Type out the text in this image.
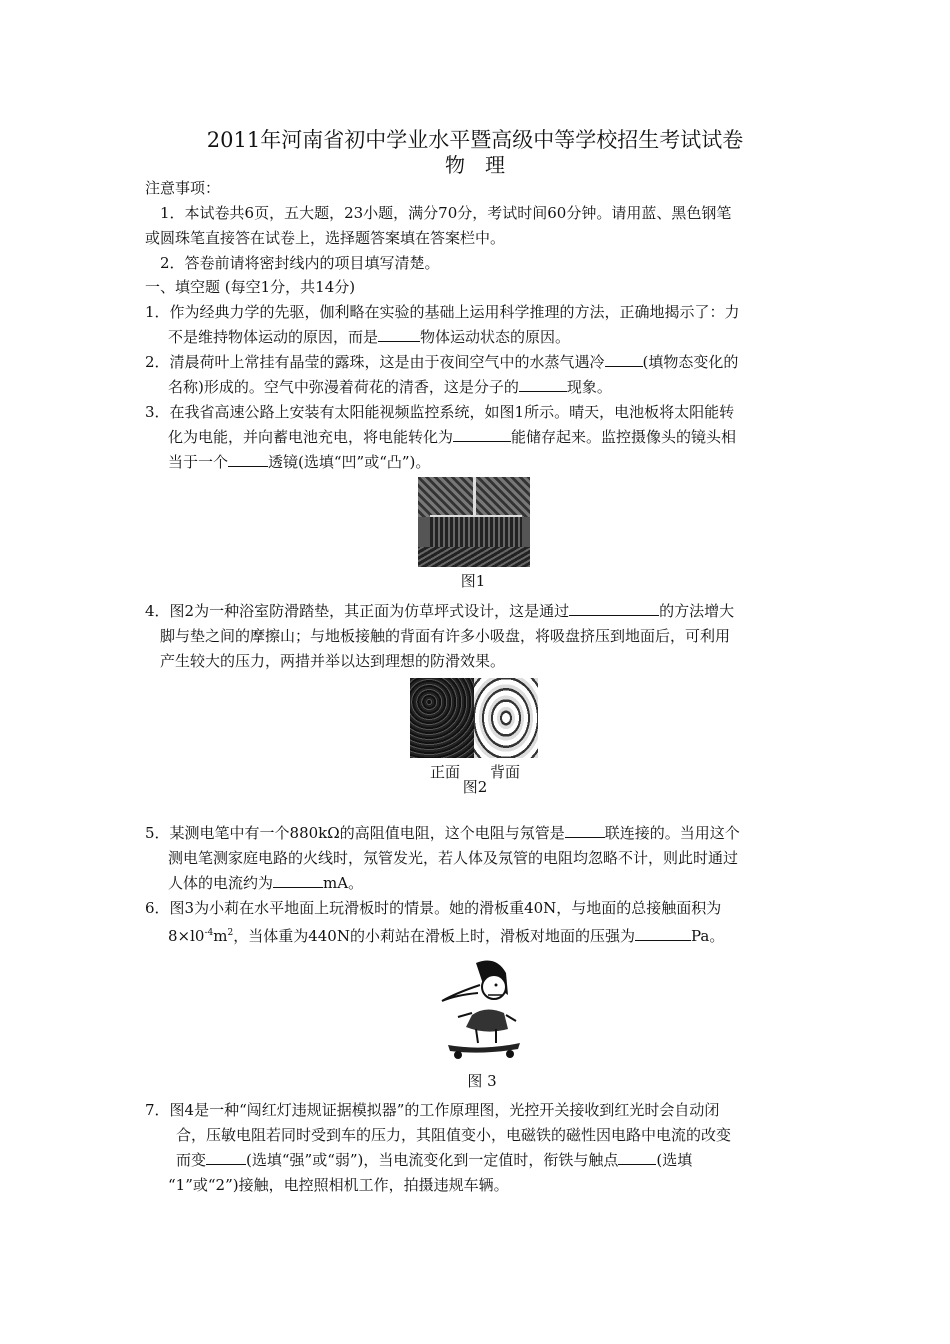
2011年河南省初中学业水平暨高级中等学校招生考试试卷
物　理
注意事项：
1．本试卷共6页，五大题，23小题，满分70分，考试时间60分钟。请用蓝、黑色钢笔
或圆珠笔直接答在试卷上，选择题答案填在答案栏中。
2．答卷前请将密封线内的项目填写清楚。
一、填空题 (每空1分，共14分)
1．作为经典力学的先驱，伽利略在实验的基础上运用科学推理的方法，正确地揭示了：力
不是维持物体运动的原因，而是	物体运动状态的原因。
2．清晨荷叶上常挂有晶莹的露珠，这是由于夜间空气中的水蒸气遇冷	(填物态变化的
名称)形成的。空气中弥漫着荷花的清香，这是分子的	现象。
3．在我省高速公路上安装有太阳能视频监控系统，如图1所示。晴天，电池板将太阳能转
化为电能，并向蓄电池充电，将电能转化为	能储存起来。监控摄像头的镜头相
当于一个	透镜(选填“凹”或“凸”)。
图1
4．图2为一种浴室防滑踏垫，其正面为仿草坪式设计，这是通过	的方法增大
脚与垫之间的摩擦山；与地板接触的背面有许多小吸盘，将吸盘挤压到地面后，可利用
产生较大的压力，两措并举以达到理想的防滑效果。
正面	背面
图2
5．某测电笔中有一个880kΩ的高阻值电阻，这个电阻与氖管是	联连接的。当用这个
测电笔测家庭电路的火线时，氖管发光，若人体及氖管的电阻均忽略不计，则此时通过
人体的电流约为	mA。
6．图3为小莉在水平地面上玩滑板时的情景。她的滑板重40N，与地面的总接触面积为
$8\times l0^{-4}m^2$，当体重为440N的小莉站在滑板上时，滑板对地面的压强为	Pa。
图 3
7．图4是一种“闯红灯违规证据模拟器”的工作原理图，光控开关接收到红光时会自动闭
合，压敏电阻若同时受到车的压力，其阻值变小，电磁铁的磁性因电路中电流的改变
而变	(选填“强”或“弱”)，当电流变化到一定值时，衔铁与触点	(选填
“1”或“2”)接触，电控照相机工作，拍摄违规车辆。
